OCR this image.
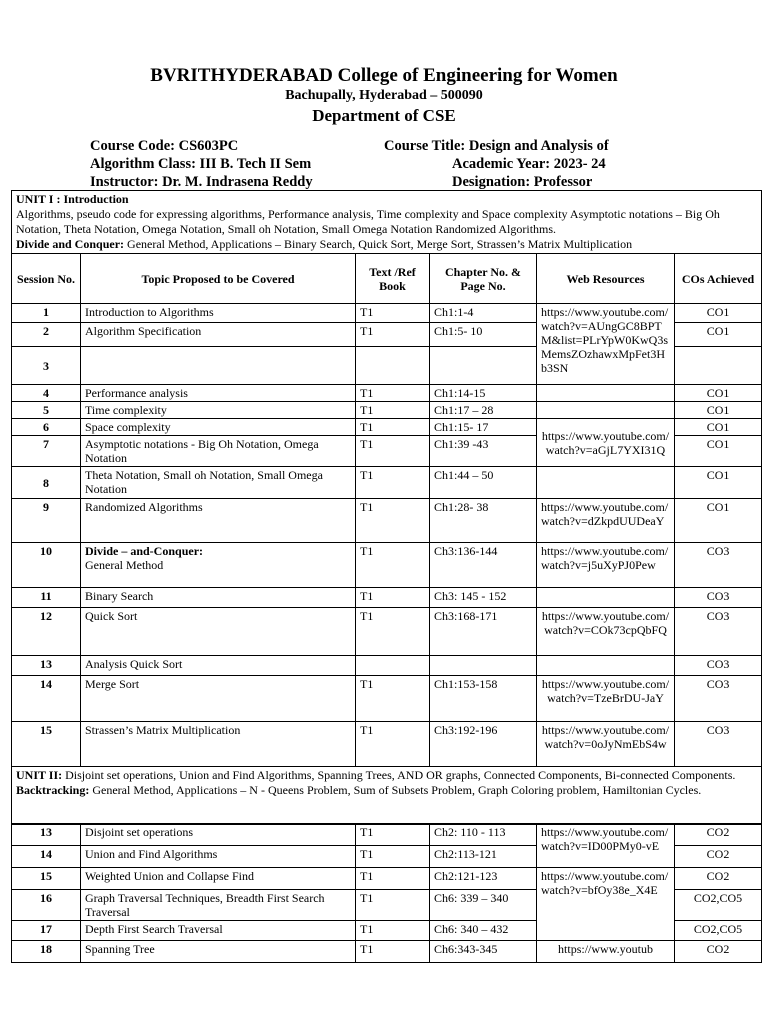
BVRITHYDERABAD College of Engineering for Women
Bachupally, Hyderabad – 500090
Department of CSE
Course Code: CS603PC	Course Title: Design and Analysis of
Algorithm Class: III B. Tech II Sem	Academic Year: 2023- 24
Instructor: Dr. M. Indrasena Reddy	Designation: Professor
UNIT I : Introduction
Algorithms, pseudo code for expressing algorithms, Performance analysis, Time complexity and Space complexity Asymptotic notations – Big Oh Notation, Theta Notation, Omega Notation, Small oh Notation, Small Omega Notation Randomized Algorithms.
Divide and Conquer: General Method, Applications – Binary Search, Quick Sort, Merge Sort, Strassen’s Matrix Multiplication					

Session No.	Topic Proposed to be Covered	Text /Ref Book	Chapter No. & Page No.	Web Resources	COs Achieved
1	Introduction to Algorithms	T1	Ch1:1-4	https://www.youtube.com/watch?v=AUngGC8BPTM&list=PLrYpW0KwQ3sMemsZOzhawxMpFet3Hb3SN	CO1
2	Algorithm Specification	T1	Ch1:5- 10		CO1
3					
4	Performance analysis	T1	Ch1:14-15		CO1
5	Time complexity	T1	Ch1:17 – 28		CO1
6	Space complexity	T1	Ch1:15- 17	https://www.youtube.com/watch?v=aGjL7YXI31Q	CO1
7	Asymptotic notations - Big Oh Notation, Omega Notation	T1	Ch1:39 -43		CO1
8	Theta Notation, Small oh Notation, Small Omega Notation	T1	Ch1:44 – 50		CO1
9	Randomized Algorithms	T1	Ch1:28- 38	https://www.youtube.com/watch?v=dZkpdUUDeaY	CO1
10	Divide – and-Conquer:
General Method	T1	Ch3:136-144	https://www.youtube.com/watch?v=j5uXyPJ0Pew	CO3
11	Binary Search	T1	Ch3: 145 - 152		CO3
12	Quick Sort	T1	Ch3:168-171	https://www.youtube.com/watch?v=COk73cpQbFQ	CO3
13	Analysis Quick Sort				CO3
14	Merge Sort	T1	Ch1:153-158	https://www.youtube.com/watch?v=TzeBrDU-JaY	CO3
15	Strassen’s Matrix Multiplication	T1	Ch3:192-196	https://www.youtube.com/watch?v=0oJyNmEbS4w	CO3

UNIT II: Disjoint set operations, Union and Find Algorithms, Spanning Trees, AND OR graphs, Connected Components, Bi-connected Components.
Backtracking: General Method, Applications – N - Queens Problem, Sum of Subsets Problem, Graph Coloring problem, Hamiltonian Cycles.					
13	Disjoint set operations	T1	Ch2: 110 - 113	https://www.youtube.com/watch?v=ID00PMy0-vE	CO2
14	Union and Find Algorithms	T1	Ch2:113-121		CO2
15	Weighted Union and Collapse Find	T1	Ch2:121-123	https://www.youtube.com/watch?v=bfOy38e_X4E	CO2
16	Graph Traversal Techniques, Breadth First Search Traversal	T1	Ch6: 339 – 340		CO2,CO5
17	Depth First Search Traversal	T1	Ch6: 340 – 432		CO2,CO5
18	Spanning Tree	T1	Ch6:343-345	https://www.youtub	CO2
